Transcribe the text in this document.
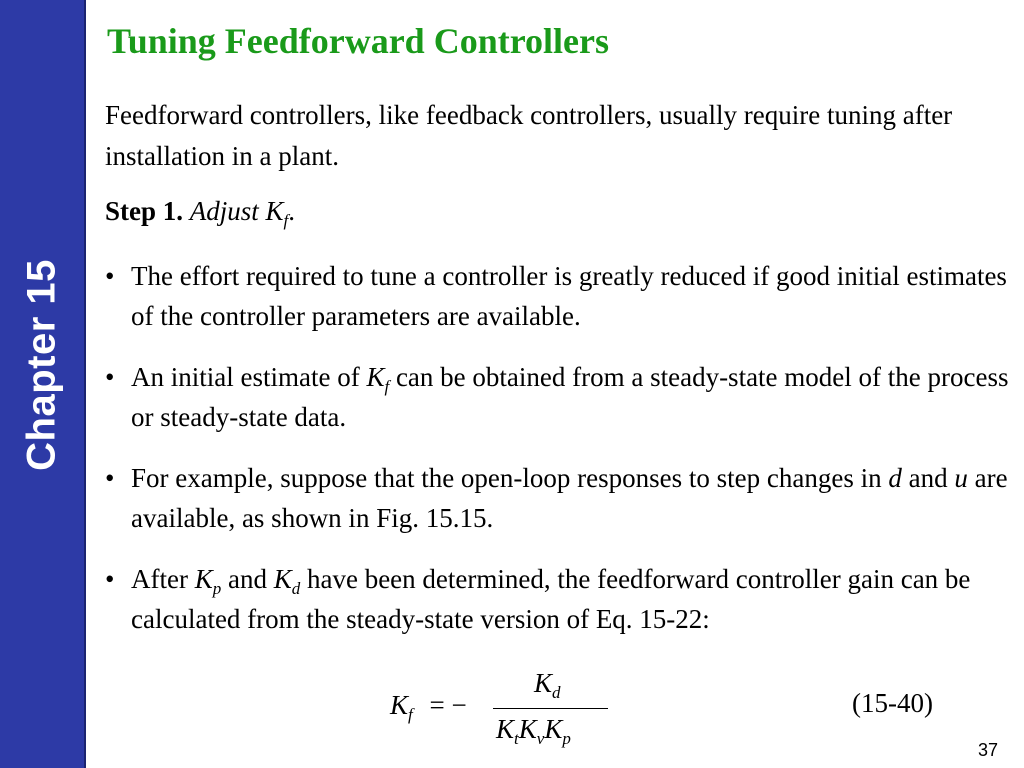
Chapter 15
Tuning Feedforward Controllers
Feedforward controllers, like feedback controllers, usually require tuning after installation in a plant.
Step 1. Adjust $K_f$.
• The effort required to tune a controller is greatly reduced if good initial estimates of the controller parameters are available.
• An initial estimate of $K_f$ can be obtained from a steady-state model of the process or steady-state data.
• For example, suppose that the open-loop responses to step changes in d and u are available, as shown in Fig. 15.15.
• After $K_p$ and $K_d$ have been determined, the feedforward controller gain can be calculated from the steady-state version of Eq. 15-22:
$K_f$ = −
$K_d$
$K_tK_vK_p$
(15-40)
37
